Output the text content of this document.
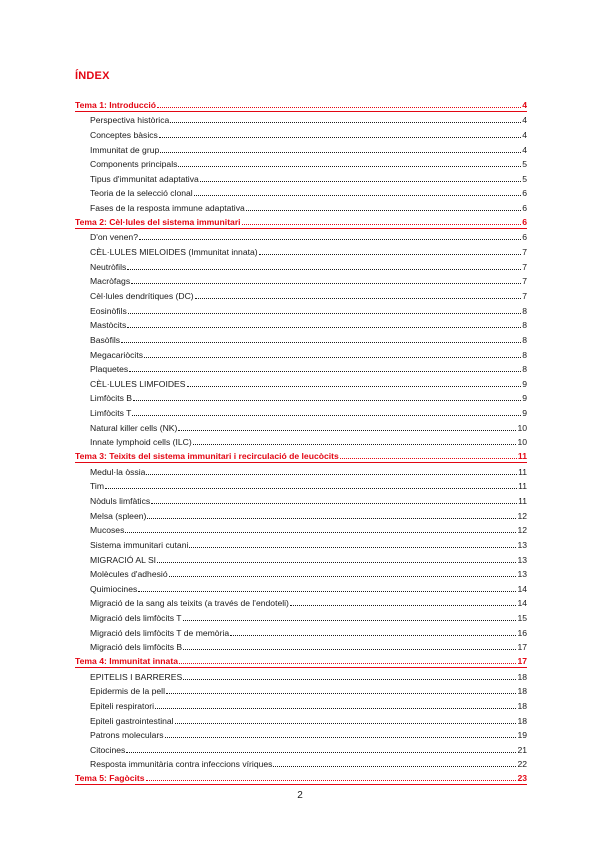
ÍNDEX
Tema 1: Introducció	4
Perspectiva històrica	4
Conceptes bàsics	4
Immunitat de grup	4
Components principals	5
Tipus d'immunitat adaptativa	5
Teoria de la selecció clonal	6
Fases de la resposta immune adaptativa	6
Tema 2: Cèl·lules del sistema immunitari	6
D'on venen?	6
CÈL·LULES MIELOIDES (Immunitat innata)	7
Neutròfils	7
Macròfags	7
Cèl·lules dendrítiques (DC)	7
Eosinòfils	8
Mastòcits	8
Basòfils	8
Megacariòcits	8
Plaquetes	8
CÈL·LULES LIMFOIDES	9
Limfòcits B	9
Limfòcits T	9
Natural killer cells (NK)	10
Innate lymphoid cells (ILC)	10
Tema 3: Teixits del sistema immunitari i recirculació de leucòcits	11
Medul·la òssia	11
Tim	11
Nòduls limfàtics	11
Melsa (spleen)	12
Mucoses	12
Sistema immunitari cutani	13
MIGRACIÓ AL SI	13
Molècules d'adhesió	13
Quimiocines	14
Migració de la sang als teixits (a través de l'endoteli)	14
Migració dels limfòcits T	15
Migració dels limfòcits T de memòria	16
Migració dels limfòcits B	17
Tema 4: Immunitat innata	17
EPITELIS I BARRERES	18
Epidermis de la pell	18
Epiteli respiratori	18
Epiteli gastrointestinal	18
Patrons moleculars	19
Citocines	21
Resposta immunitària contra infeccions víriques	22
Tema 5: Fagòcits	23
2
